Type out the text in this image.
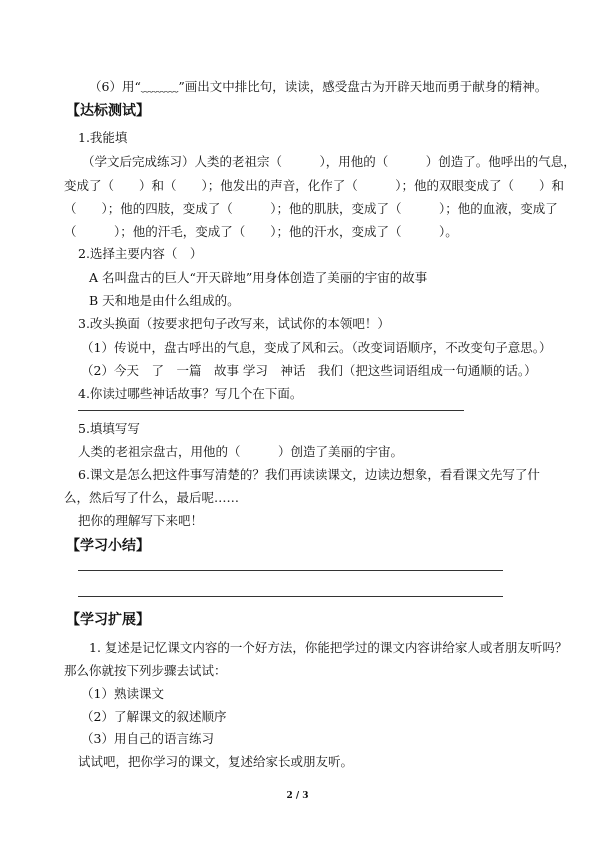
（6）用“﹏﹏﹏”画出文中排比句，读读，感受盘古为开辟天地而勇于献身的精神。
【达标测试】
1.我能填
（学文后完成练习）人类的老祖宗（　　　），用他的（　　　）创造了。他呼出的气息，
变成了（　　）和（　　）；他发出的声音，化作了（　　　）；他的双眼变成了（　　）和
（　　）；他的四肢，变成了（　　　）；他的肌肤，变成了（　　　）；他的血液，变成了
（　　　）；他的汗毛，变成了（　　）；他的汗水，变成了（　　　）。
2.选择主要内容（　）
A 名叫盘古的巨人“开天辟地”用身体创造了美丽的宇宙的故事
B 天和地是由什么组成的。
3.改头换面（按要求把句子改写来，试试你的本领吧！）
（1）传说中，盘古呼出的气息，变成了风和云。（改变词语顺序，不改变句子意思。）
（2）今天　了　一篇　故事 学习　神话　我们（把这些词语组成一句通顺的话。）
4.你读过哪些神话故事？写几个在下面。
5.填填写写
人类的老祖宗盘古，用他的（　　　）创造了美丽的宇宙。
6.课文是怎么把这件事写清楚的？我们再读读课文，边读边想象，看看课文先写了什
么，然后写了什么，最后呢……
把你的理解写下来吧！
【学习小结】
【学习扩展】
1. 复述是记忆课文内容的一个好方法，你能把学过的课文内容讲给家人或者朋友听吗？
那么你就按下列步骤去试试：
（1）熟读课文
（2）了解课文的叙述顺序
（3）用自己的语言练习
试试吧，把你学习的课文，复述给家长或朋友听。
2 / 3
